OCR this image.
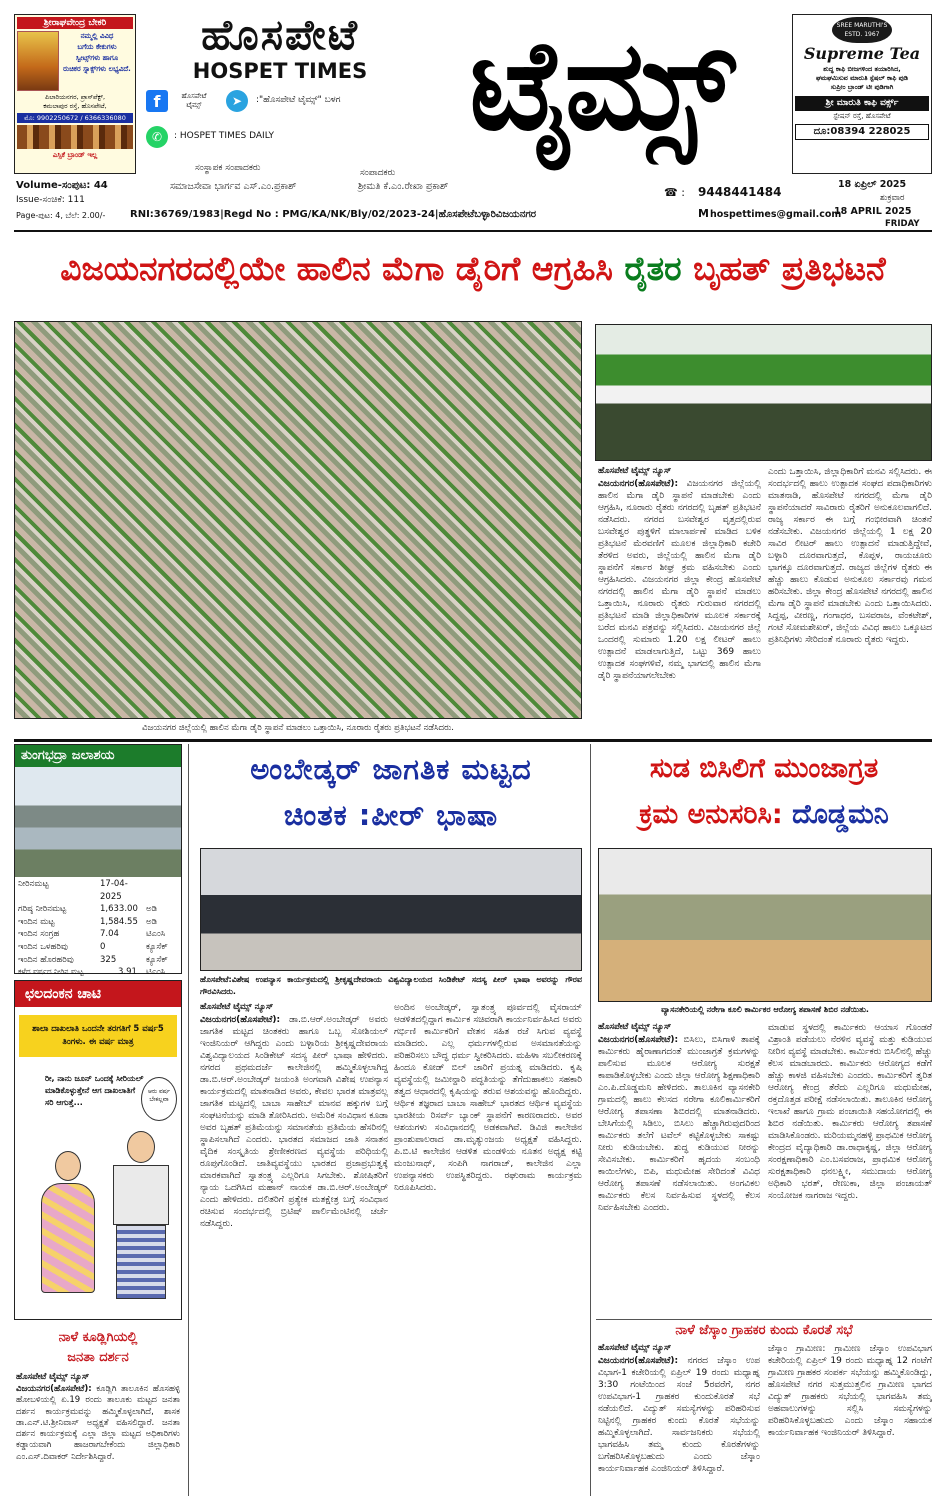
ಶ್ರೀರಾಘವೇಂದ್ರ ಬೇಕರಿ
ನಮ್ಮಲ್ಲಿ ವಿವಿಧ
ಬಗೆಯ ಕೇಕುಗಳು
ಸ್ವೀಟ್ಸ್‌ಗಳು ಹಾಗೂ
ರುಚಿಕರ ಸ್ನಾಕ್ಸ್‌ಗಳು ಲಭ್ಯವಿದೆ.
ಪಿಲಾರಿಯನಗರ, ಪ್ರಾಸ್‌ಪೆಕ್ಟ್,
ಕಮಲಾಪುರ ರಸ್ತೆ, ಹೊಸಪೇಟೆ,
ಮೊ: 9902250672 / 6366336080
ಎಸ್ಸಿಕೆ ಬ್ರಾಂಡ್ ಇಲ್ಲ
ಹೊಸಪೇಟೆ
HOSPET TIMES
f	ಹೊಸಪೇಟೆ ಟೈಮ್ಸ್	➤	:"ಹೊಸಪೇಟೆ ಟೈಮ್ಸ್" ಬಳಗ
✆	: HOSPET TIMES DAILY	ಟೈಮ್ಸ್	SREE MARUTHI'S
ESTD. 1967
Supreme Tea
ಶುದ್ಧ ಕಾಫಿ ಬೀಜಗಳಿಂದ ತಯಾರಿಸಿದ,
ಘಮಘಮಿಸುವ ಮಾರುತಿ ಸ್ಪೆಷಲ್ ಕಾಫಿ ಪುಡಿ
ಸುಪ್ರೀಂ ಬ್ರಾಂಡ್ ಟೀ ಪುಡಿಗಾಗಿ
ಶ್ರೀ ಮಾರುತಿ ಕಾಫಿ ವರ್ಕ್ಸ್
ಸ್ಟೇಷನ್ ರಸ್ತೆ, ಹೊಸಪೇಟೆ
ದೂ:08394 228025
ಸಂಸ್ಥಾಪಕ ಸಂಪಾದಕರು	ಸಂಪಾದಕರು
ಸಮಾಜಸೇವಾ ಭಾರ್ಗವ ಎಸ್.ಎಂ.ಪ್ರಕಾಶ್	ಶ್ರೀಮತಿ ಕೆ.ಎಂ.ರೇಖಾ ಪ್ರಕಾಶ್
Volume-ಸಂಪುಟ: 44
Issue-ಸಂಚಿಕೆ: 111
Page-ಪುಟ: 4, ಬೆಲೆ: 2.00/-
☎ : 9448441484
18 ಏಪ್ರಿಲ್ 2025
ಶುಕ್ರವಾರ
18 APRIL 2025
FRIDAY
RNI:36769/1983|Regd No : PMG/KA/NK/Bly/02/2023-24|ಹೊಸಪೇಟೆಬಳ್ಳಾರಿವಿಜಯನಗರ	M hospettimes@gmail.com
ವಿಜಯನಗರದಲ್ಲಿಯೇ ಹಾಲಿನ ಮೆಗಾ ಡೈರಿಗೆ ಆಗ್ರಹಿಸಿ ರೈತರ ಬೃಹತ್ ಪ್ರತಿಭಟನೆ
ವಿಜಯನಗರ ಜಿಲ್ಲೆಯಲ್ಲಿ ಹಾಲಿನ ಮೆಗಾ ಡೈರಿ ಸ್ಥಾಪನೆ ಮಾಡಲು ಒತ್ತಾಯಿಸಿ, ನೂರಾರು ರೈತರು ಪ್ರತಿಭಟನೆ ನಡೆಸಿದರು.
ಹೊಸಪೇಟೆ ಟೈಮ್ಸ್ ನ್ಯೂಸ್
ವಿಜಯನಗರ(ಹೊಸಪೇಟೆ): ವಿಜಯನಗರ ಜಿಲ್ಲೆಯಲ್ಲಿ ಹಾಲಿನ ಮೆಗಾ ಡೈರಿ ಸ್ಥಾಪನೆ ಮಾಡಬೇಕು ಎಂದು ಆಗ್ರಹಿಸಿ, ನೂರಾರು ರೈತರು ನಗರದಲ್ಲಿ ಬೃಹತ್ ಪ್ರತಿಭಟನೆ ನಡೆಸಿದರು. ನಗರದ ಬಸವೇಶ್ವರ ವೃತ್ತದಲ್ಲಿರುವ ಬಸವೇಶ್ವರ ಪುತ್ಥಳಿಗೆ ಮಾಲಾರ್ಪಣೆ ಮಾಡಿದ ಬಳಿಕ ಪ್ರತಿಭಟನೆ ಮೆರವಣಿಗೆ ಮೂಲಕ ಜಿಲ್ಲಾಧಿಕಾರಿ ಕಚೇರಿ ತೆರಳಿದ ಅವರು, ಜಿಲ್ಲೆಯಲ್ಲಿ ಹಾಲಿನ ಮೆಗಾ ಡೈರಿ ಸ್ಥಾಪನೆಗೆ ಸರ್ಕಾರ ಶೀಘ್ರ ಕ್ರಮ ವಹಿಸಬೇಕು ಎಂದು ಆಗ್ರಹಿಸಿದರು. ವಿಜಯನಗರ ಜಿಲ್ಲಾ ಕೇಂದ್ರ ಹೊಸಪೇಟೆ ನಗರದಲ್ಲಿ ಹಾಲಿನ ಮೆಗಾ ಡೈರಿ ಸ್ಥಾಪನೆ ಮಾಡಲು ಒತ್ತಾಯಿಸಿ, ನೂರಾರು ರೈತರು ಗುರುವಾರ ನಗರದಲ್ಲಿ ಪ್ರತಿಭಟನೆ ಮಾಡಿ ಜಿಲ್ಲಾಧಿಕಾರಿಗಳ ಮೂಲಕ ಸರ್ಕಾರಕ್ಕೆ ಬರೆದ ಮನವಿ ಪತ್ರವನ್ನು ಸಲ್ಲಿಸಿದರು. ವಿಜಯನಗರ ಜಿಲ್ಲೆ ಒಂದರಲ್ಲಿ ಸುಮಾರು 1.20 ಲಕ್ಷ ಲೀಟರ್ ಹಾಲು ಉತ್ಪಾದನೆ ಮಾಡಲಾಗುತ್ತಿದೆ, ಒಟ್ಟು 369 ಹಾಲು ಉತ್ಪಾದಕ ಸಂಘಗಳಿವೆ, ನಮ್ಮ ಭಾಗದಲ್ಲಿ ಹಾಲಿನ ಮೆಗಾ ಡೈರಿ ಸ್ಥಾಪನೆಯಾಗಲೇಬೇಕು
ಎಂದು ಒತ್ತಾಯಿಸಿ, ಜಿಲ್ಲಾಧಿಕಾರಿಗೆ ಮನವಿ ಸಲ್ಲಿಸಿದರು. ಈ ಸಂದರ್ಭದಲ್ಲಿ ಹಾಲು ಉತ್ಪಾದಕ ಸಂಘದ ಪದಾಧಿಕಾರಿಗಳು ಮಾತನಾಡಿ, ಹೊಸಪೇಟೆ ನಗರದಲ್ಲಿ ಮೆಗಾ ಡೈರಿ ಸ್ಥಾಪನೆಯಾದರೆ ಸಾವಿರಾರು ರೈತರಿಗೆ ಅನುಕೂಲವಾಗಲಿದೆ. ರಾಜ್ಯ ಸರ್ಕಾರ ಈ ಬಗ್ಗೆ ಗಂಭೀರವಾಗಿ ಚಿಂತನೆ ನಡೆಸಬೇಕು. ವಿಜಯನಗರ ಜಿಲ್ಲೆಯಲ್ಲಿ 1 ಲಕ್ಷ 20 ಸಾವಿರ ಲೀಟರ್ ಹಾಲು ಉತ್ಪಾದನೆ ಮಾಡುತ್ತಿದ್ದೇವೆ, ಬಳ್ಳಾರಿ ದೂರವಾಗುತ್ತದೆ, ಕೊಪ್ಪಳ, ರಾಯಚೂರು ಭಾಗಕ್ಕೂ ದೂರವಾಗುತ್ತದೆ. ರಾಜ್ಯದ ಜಿಲ್ಲೆಗಳ ರೈತರು ಈ ಹೆಚ್ಚು ಹಾಲು ಕೊಡುವ ಅನುಕೂಲ ಸರ್ಕಾರವು ಗಮನ ಹರಿಸಬೇಕು. ಜಿಲ್ಲಾ ಕೇಂದ್ರ ಹೊಸಪೇಟೆ ನಗರದಲ್ಲಿ ಹಾಲಿನ ಮೆಗಾ ಡೈರಿ ಸ್ಥಾಪನೆ ಮಾಡಬೇಕು ಎಂದು ಒತ್ತಾಯಿಸಿದರು. ಸಿದ್ದಪ್ಪ, ವೀರಣ್ಣ, ಗಂಗಾಧರ, ಬಸವರಾಜ, ವೆಂಕಟೇಶ್, ಗಂಟೆ ಸೋಮಶೇಖರ್, ಜಿಲ್ಲೆಯ ವಿವಿಧ ಹಾಲು ಒಕ್ಕೂಟದ ಪ್ರತಿನಿಧಿಗಳು ಸೇರಿದಂತೆ ನೂರಾರು ರೈತರು ಇದ್ದರು.
ತುಂಗಭದ್ರಾ ಜಲಾಶಯ
ನೀರಿನಮಟ್ಟ	17-04-2025
ಗರಿಷ್ಠ ನೀರಿನಮಟ್ಟ	1,633.00 ಅಡಿ
ಇಂದಿನ ಮಟ್ಟ	1,584.55 ಅಡಿ
ಇಂದಿನ ಸಂಗ್ರಹ	7.04	ಟಿಎಂಸಿ
ಇಂದಿನ ಒಳಹರಿವು	0	ಕ್ಯೂಸೆಕ್
ಇಂದಿನ ಹೊರಹರಿವು	325	ಕ್ಯೂಸೆಕ್
ಕಳೆದ ವರ್ಷದ ನೀರಿನ ಮಟ್ಟ	3.91	ಟಿಎಂಸಿ
ಛಲದಂಕನ ಚಾಟಿ
ಶಾಲಾ ದಾಖಲಾತಿ ಒಂದನೇ ತರಗತಿಗೆ 5 ವರ್ಷ5 ತಿಂಗಳು. ಈ ವರ್ಷ ಮಾತ್ರ
ರೀ, ನಾನು ಜೂನ್ ಒಂದಕ್ಕೆ ಸೀರಿಯಲ್ ಮಾಡಿಕೊಳ್ಳುತ್ತೇನೆ ಆಗ ದಾಖಲಾತಿಗೆ ಸರಿ ಆಗುತ್ತೆ...
ಆರು ವರ್ಷ ಬೇಕಲ್ಲವಾ
ನಾಳೆ ಕೂಡ್ಲಿಗಿಯಲ್ಲಿ
ಜನತಾ ದರ್ಶನ
ಹೊಸಪೇಟೆ ಟೈಮ್ಸ್ ನ್ಯೂಸ್
ವಿಜಯನಗರ(ಹೊಸಪೇಟೆ): ಕೂಡ್ಲಿಗಿ ತಾಲೂಕಿನ ಹೊಸಹಳ್ಳಿ ಹೋಬಳಿಯಲ್ಲಿ ಏ.19 ರಂದು ತಾಲೂಕು ಮಟ್ಟದ ಜನತಾ ದರ್ಶನ ಕಾರ್ಯಕ್ರಮವನ್ನು ಹಮ್ಮಿಕೊಳ್ಳಲಾಗಿದೆ, ಶಾಸಕ ಡಾ.ಎನ್.ಟಿ.ಶ್ರೀನಿವಾಸ್ ಅಧ್ಯಕ್ಷತೆ ವಹಿಸಲಿದ್ದಾರೆ. ಜನತಾ ದರ್ಶನ ಕಾರ್ಯಕ್ರಮಕ್ಕೆ ಎಲ್ಲಾ ಜಿಲ್ಲಾ ಮಟ್ಟದ ಅಧಿಕಾರಿಗಳು ಕಡ್ಡಾಯವಾಗಿ ಹಾಜರಾಗಬೇಕೆಂದು ಜಿಲ್ಲಾಧಿಕಾರಿ ಎಂ.ಎಸ್.ದಿವಾಕರ್ ನಿರ್ದೇಶಿಸಿದ್ದಾರೆ.
ಅಂಬೇಡ್ಕರ್ ಜಾಗತಿಕ ಮಟ್ಟದ
ಚಿಂತಕ :ಪೀರ್ ಭಾಷಾ
ಹೊಸಪೇಟೆ:ವಿಶೇಷ ಉಪನ್ಯಾಸ ಕಾರ್ಯಕ್ರಮದಲ್ಲಿ ಶ್ರೀಕೃಷ್ಣದೇವರಾಯ ವಿಶ್ವವಿದ್ಯಾಲಯದ ಸಿಂಡಿಕೇಟ್ ಸದಸ್ಯ ಪೀರ್ ಭಾಷಾ ಅವರನ್ನು ಗೌರವ ಗೌರವಿಸಿದರು.
ಹೊಸಪೇಟೆ ಟೈಮ್ಸ್ ನ್ಯೂಸ್
ವಿಜಯನಗರ(ಹೊಸಪೇಟೆ): ಡಾ.ಬಿ.ಆರ್.ಅಂಬೇಡ್ಕರ್ ಅವರು ಜಾಗತಿಕ ಮಟ್ಟದ ಚಿಂತಕರು ಹಾಗೂ ಒಬ್ಬ ಸೋಶಿಯಲ್ ಇಂಜಿನಿಯರ್ ಆಗಿದ್ದರು ಎಂದು ಬಳ್ಳಾರಿಯ ಶ್ರೀಕೃಷ್ಣದೇವರಾಯ ವಿಶ್ವವಿದ್ಯಾಲಯದ ಸಿಂಡಿಕೇಟ್ ಸದಸ್ಯ ಪೀರ್ ಭಾಷಾ ಹೇಳಿದರು. ನಗರದ ಪ್ರಥಮದರ್ಜೆ ಕಾಲೇಜಿನಲ್ಲಿ ಹಮ್ಮಿಕೊಳ್ಳಲಾಗಿದ್ದ ಡಾ.ಬಿ.ಆರ್.ಅಂಬೇಡ್ಕರ್ ಜಯಂತಿ ಅಂಗವಾಗಿ ವಿಶೇಷ ಉಪನ್ಯಾಸ ಕಾರ್ಯಕ್ರಮದಲ್ಲಿ ಮಾತನಾಡಿದ ಅವರು, ಕೇವಲ ಭಾರತ ಮಾತ್ರವಲ್ಲ ಜಾಗತಿಕ ಮಟ್ಟದಲ್ಲಿ ಬಾಬಾ ಸಾಹೇಬ್ ಮಾನವ ಹಕ್ಕುಗಳ ಬಗ್ಗೆ ಸಂಘಟನೆಯನ್ನು ಮಾಡಿ ತೋರಿಸಿದರು. ಅಮೆರಿಕ ಸಂವಿಧಾನ ಕೂಡಾ ಅವರ ಬೃಹತ್ ಪ್ರತಿಮೆಯನ್ನು ಸಮಾನತೆಯ ಪ್ರತಿಮೆಯ ಹೆಸರಿನಲ್ಲಿ ಸ್ಥಾಪಿಸಲಾಗಿದೆ ಎಂದರು. ಭಾರತದ ಸಮಾಜದ ಜಾತಿ ಸನಾತನ ವೈದಿಕ ಸಂಸ್ಕೃತಿಯ ಶ್ರೇಣೀಕರಣದ ವ್ಯವಸ್ಥೆಯ ಪರಿಧಿಯಲ್ಲಿ ರೂಪುಗೊಂಡಿದೆ. ಜಾತಿವ್ಯವಸ್ಥೆಯು ಭಾರತದ ಪ್ರಜಾಪ್ರಭುತ್ವಕ್ಕೆ ಮಾರಕವಾಗಿದೆ ಸ್ವಾತಂತ್ರ್ಯ ಎಲ್ಲರಿಗೂ ಸಿಗಬೇಕು. ಶೋಷಿತರಿಗೆ ನ್ಯಾಯ ಒದಗಿಸಿದ ಮಹಾನ್ ನಾಯಕ ಡಾ.ಬಿ.ಆರ್.ಅಂಬೇಡ್ಕರ್ ಎಂದು ಹೇಳಿದರು. ದಲಿತರಿಗೆ ಪ್ರತ್ಯೇಕ ಮತಕ್ಷೇತ್ರ ಬಗ್ಗೆ ಸಂವಿಧಾನ ರಚಿಸುವ ಸಂದರ್ಭದಲ್ಲಿ ಬ್ರಿಟಿಷ್ ಪಾರ್ಲಿಮೆಂಟಿನಲ್ಲಿ ಚರ್ಚೆ ನಡೆಸಿದ್ದರು.
ಅಂದಿನ ಅಂಬೇಡ್ಕರ್, ಸ್ವಾತಂತ್ರ್ಯ ಪೂರ್ವದಲ್ಲಿ ವೈಸರಾಯ್ ಆಡಳಿತದಲ್ಲಿದ್ದಾಗ ಕಾರ್ಮಿಕ ಸಚಿವರಾಗಿ ಕಾರ್ಯನಿರ್ವಹಿಸಿದ ಅವರು ಗರ್ಭಿಣಿ ಕಾರ್ಮಿಕರಿಗೆ ವೇತನ ಸಹಿತ ರಜೆ ಸಿಗುವ ವ್ಯವಸ್ಥೆ ಮಾಡಿದರು. ಎಲ್ಲ ಧರ್ಮಗಳಲ್ಲಿರುವ ಅಸಮಾನತೆಯನ್ನು ಪರಿಹರಿಸಲು ಬೌದ್ಧ ಧರ್ಮ ಸ್ವೀಕರಿಸಿದರು. ಮಹಿಳಾ ಸಬಲೀಕರಣಕ್ಕೆ ಹಿಂದೂ ಕೋಡ್ ಬಿಲ್ ಜಾರಿಗೆ ಪ್ರಯತ್ನ ಮಾಡಿದರು. ಕೃಷಿ ವ್ಯವಸ್ಥೆಯಲ್ಲಿ ಜಮೀನ್ದಾರಿ ಪದ್ಧತಿಯನ್ನು ತೆಗೆದುಹಾಕಲು ಸಹಕಾರಿ ತತ್ವದ ಆಧಾರದಲ್ಲಿ ಕೃಷಿಯನ್ನು ತರುವ ಆಶಯವನ್ನು ಹೊಂದಿದ್ದರು. ಆರ್ಥಿಕ ತಜ್ಞರಾದ ಬಾಬಾ ಸಾಹೇಬ್ ಭಾರತದ ಆರ್ಥಿಕ ವ್ಯವಸ್ಥೆಯ ಭಾರತೀಯ ರಿಸರ್ವ್ ಬ್ಯಾಂಕ್ ಸ್ಥಾಪನೆಗೆ ಕಾರಣರಾದರು. ಅವರ ಆಶಯಗಳು ಸಂವಿಧಾನದಲ್ಲಿ ಅಡಕವಾಗಿವೆ. ಡಿವಿಜಿ ಕಾಲೇಜಿನ ಪ್ರಾಂಶುಪಾಲರಾದ ಡಾ.ಮೃತ್ಯುಂಜಯ ಅಧ್ಯಕ್ಷತೆ ವಹಿಸಿದ್ದರು. ಪಿ.ಬಿ.ಟಿ ಕಾಲೇಜಿನ ಆಡಳಿತ ಮಂಡಳಿಯ ನೂತನ ಅಧ್ಯಕ್ಷ ಕಟ್ಟಿ ಮಂಜುನಾಥ್, ಸಂಪಿಗಿ ನಾಗರಾಜ್, ಕಾಲೇಜಿನ ಎಲ್ಲಾ ಉಪನ್ಯಾಸಕರು ಉಪಸ್ಥಿತರಿದ್ದರು. ರಘುರಾಮ ಕಾರ್ಯಕ್ರಮ ನಿರೂಪಿಸಿದರು.
ಸುಡ ಬಿಸಿಲಿಗೆ ಮುಂಜಾಗ್ರತ
ಕ್ರಮ ಅನುಸರಿಸಿ: ದೊಡ್ಡಮನಿ
ವ್ಯಾಸನಕೇರಿಯಲ್ಲಿ ನರೇಗಾ ಕೂಲಿ ಕಾರ್ಮಿಕರ ಆರೋಗ್ಯ ತಪಾಸಣೆ ಶಿಬಿರ ನಡೆಯಿತು.
ಹೊಸಪೇಟೆ ಟೈಮ್ಸ್ ನ್ಯೂಸ್
ವಿಜಯನಗರ(ಹೊಸಪೇಟೆ): ಬಿಸಿಲು, ಬಿಸಿಗಾಳಿ ತಾಪಕ್ಕೆ ಕಾರ್ಮಿಕರು ಹೈರಾಣಾಗದಂತೆ ಮುಂಜಾಗ್ರತೆ ಕ್ರಮಗಳನ್ನು ಪಾಲಿಸುವ ಮೂಲಕ ಆರೋಗ್ಯ ಸುರಕ್ಷತೆ ಕಾಪಾಡಿಕೊಳ್ಳಬೇಕು ಎಂದು ಜಿಲ್ಲಾ ಆರೋಗ್ಯ ಶಿಕ್ಷಣಾಧಿಕಾರಿ ಎಂ.ಪಿ.ದೊಡ್ಡಮನಿ ಹೇಳಿದರು. ತಾಲೂಕಿನ ವ್ಯಾಸನಕೇರಿ ಗ್ರಾಮದಲ್ಲಿ ಹಾಲು ಕೆಲಸದ ನರೇಗಾ ಕೂಲಿಕಾರ್ಮಿಕರಿಗೆ ಆರೋಗ್ಯ ತಪಾಸಣಾ ಶಿಬಿರದಲ್ಲಿ ಮಾತನಾಡಿದರು. ಬೇಸಿಗೆಯಲ್ಲಿ ಸಿಡಿಲು, ಬಿಸಿಲು ಹೆಚ್ಚಾಗಿರುವುದರಿಂದ ಕಾರ್ಮಿಕರು ತಲೆಗೆ ಟವೆಲ್ ಕಟ್ಟಿಕೊಳ್ಳಬೇಕು ಸಾಕಷ್ಟು ನೀರು ಕುಡಿಯಬೇಕು. ಶುದ್ಧ ಕುಡಿಯುವ ನೀರನ್ನು ಸೇವಿಸಬೇಕು. ಕಾರ್ಮಿಕರಿಗೆ ಹೃದಯ ಸಂಬಂಧಿ ಕಾಯಿಲೆಗಳು, ಬಿಪಿ, ಮಧುಮೇಹ ಸೇರಿದಂತೆ ವಿವಿಧ ಆರೋಗ್ಯ ತಪಾಸಣೆ ನಡೆಸಲಾಯಿತು. ಅಂಗವಿಕಲ ಕಾರ್ಮಿಕರು ಕೆಲಸ ನಿರ್ವಹಿಸುವ ಸ್ಥಳದಲ್ಲಿ ಕೆಲಸ ನಿರ್ವಹಿಸಬೇಕು ಎಂದರು.
ಮಾಡುವ ಸ್ಥಳದಲ್ಲಿ ಕಾರ್ಮಿಕರು ಆಯಾಸ ಗೊಂಡರೆ ವಿಶ್ರಾಂತಿ ಪಡೆಯಲು ನೆರಳಿನ ವ್ಯವಸ್ಥೆ ಮತ್ತು ಕುಡಿಯುವ ನೀರಿನ ವ್ಯವಸ್ಥೆ ಮಾಡಬೇಕು. ಕಾರ್ಮಿಕರು ಬಿಸಿಲಿನಲ್ಲಿ ಹೆಚ್ಚು ಕೆಲಸ ಮಾಡಬಾರದು. ಕಾರ್ಮಿಕರು ಆರೋಗ್ಯದ ಕಡೆಗೆ ಹೆಚ್ಚು ಕಾಳಜಿ ವಹಿಸಬೇಕು ಎಂದರು. ಕಾರ್ಮಿಕರಿಗೆ ತ್ವರಿತ ಆರೋಗ್ಯ ಕೇಂದ್ರ ತೆರೆದು ಎಲ್ಲರಿಗೂ ಮಧುಮೇಹ, ರಕ್ತದೊತ್ತಡ ಪರೀಕ್ಷೆ ನಡೆಸಲಾಯಿತು. ತಾಲೂಕಿನ ಆರೋಗ್ಯ ಇಲಾಖೆ ಹಾಗೂ ಗ್ರಾಮ ಪಂಚಾಯಿತಿ ಸಹಯೋಗದಲ್ಲಿ ಈ ಶಿಬಿರ ನಡೆಯಿತು. ಕಾರ್ಮಿಕರು ಆರೋಗ್ಯ ತಪಾಸಣೆ ಮಾಡಿಸಿಕೊಂಡರು. ಮರಿಯಮ್ಮನಹಳ್ಳಿ ಪ್ರಾಥಮಿಕ ಆರೋಗ್ಯ ಕೇಂದ್ರದ ವೈದ್ಯಾಧಿಕಾರಿ ಡಾ.ರಾಧಾಕೃಷ್ಣ, ಜಿಲ್ಲಾ ಆರೋಗ್ಯ ಸಂರಕ್ಷಣಾಧಿಕಾರಿ ಎಂ.ಬಸವರಾಜ, ಪ್ರಾಥಮಿಕ ಆರೋಗ್ಯ ಸುರಕ್ಷತಾಧಿಕಾರಿ ಧನಲಕ್ಷ್ಮೀ, ಸಮುದಾಯ ಆರೋಗ್ಯ ಅಧಿಕಾರಿ ಭರತ್, ರೇಣುಕಾ, ಜಿಲ್ಲಾ ಪಂಚಾಯತ್ ಸಂಯೋಜಕ ನಾಗರಾಜ ಇದ್ದರು.
ನಾಳೆ ಜೆಸ್ಕಾಂ ಗ್ರಾಹಕರ ಕುಂದು ಕೊರತೆ ಸಭೆ
ಹೊಸಪೇಟೆ ಟೈಮ್ಸ್ ನ್ಯೂಸ್
ವಿಜಯನಗರ(ಹೊಸಪೇಟೆ): ನಗರದ ಜೆಸ್ಕಾಂ ಉಪ ವಿಭಾಗ-1 ಕಚೇರಿಯಲ್ಲಿ ಏಪ್ರಿಲ್ 19 ರಂದು ಮಧ್ಯಾಹ್ನ 3:30 ಗಂಟೆಯಿಂದ ಸಂಜೆ 5ರವರೆಗೆ, ನಗರ ಉಪವಿಭಾಗ-1 ಗ್ರಾಹಕರ ಕುಂದುಕೊರತೆ ಸಭೆ ನಡೆಯಲಿದೆ. ವಿದ್ಯುತ್ ಸಮಸ್ಯೆಗಳನ್ನು ಪರಿಹರಿಸುವ ನಿಟ್ಟಿನಲ್ಲಿ ಗ್ರಾಹಕರ ಕುಂದು ಕೊರತೆ ಸಭೆಯನ್ನು ಹಮ್ಮಿಕೊಳ್ಳಲಾಗಿದೆ. ಸಾರ್ವಜನಿಕರು ಸಭೆಯಲ್ಲಿ ಭಾಗವಹಿಸಿ ತಮ್ಮ ಕುಂದು ಕೊರತೆಗಳನ್ನು ಬಗೆಹರಿಸಿಕೊಳ್ಳಬಹುದು ಎಂದು ಜೆಸ್ಕಾಂ ಕಾರ್ಯನಿರ್ವಾಹಕ ಎಂಜಿನಿಯರ್ ತಿಳಿಸಿದ್ದಾರೆ.
ಜೆಸ್ಕಾಂ ಗ್ರಾಮೀಣ: ಗ್ರಾಮೀಣ ಜೆಸ್ಕಾಂ ಉಪವಿಭಾಗ ಕಚೇರಿಯಲ್ಲಿ ಏಪ್ರಿಲ್ 19 ರಂದು ಮಧ್ಯಾಹ್ನ 12 ಗಂಟೆಗೆ ಗ್ರಾಮೀಣ ಗ್ರಾಹಕರ ಸಂಪರ್ಕ ಸಭೆಯನ್ನು ಹಮ್ಮಿಕೊಂಡಿದ್ದು, ಹೊಸಪೇಟೆ ನಗರ ಸುತ್ತಮುತ್ತಲಿನ ಗ್ರಾಮೀಣ ಭಾಗದ ವಿದ್ಯುತ್ ಗ್ರಾಹಕರು ಸಭೆಯಲ್ಲಿ ಭಾಗವಹಿಸಿ ತಮ್ಮ ಅಹವಾಲುಗಳನ್ನು ಸಲ್ಲಿಸಿ ಸಮಸ್ಯೆಗಳನ್ನು ಪರಿಹರಿಸಿಕೊಳ್ಳಬಹುದು ಎಂದು ಜೆಸ್ಕಾಂ ಸಹಾಯಕ ಕಾರ್ಯನಿರ್ವಾಹಕ ಇಂಜಿನಿಯರ್ ತಿಳಿಸಿದ್ದಾರೆ.
